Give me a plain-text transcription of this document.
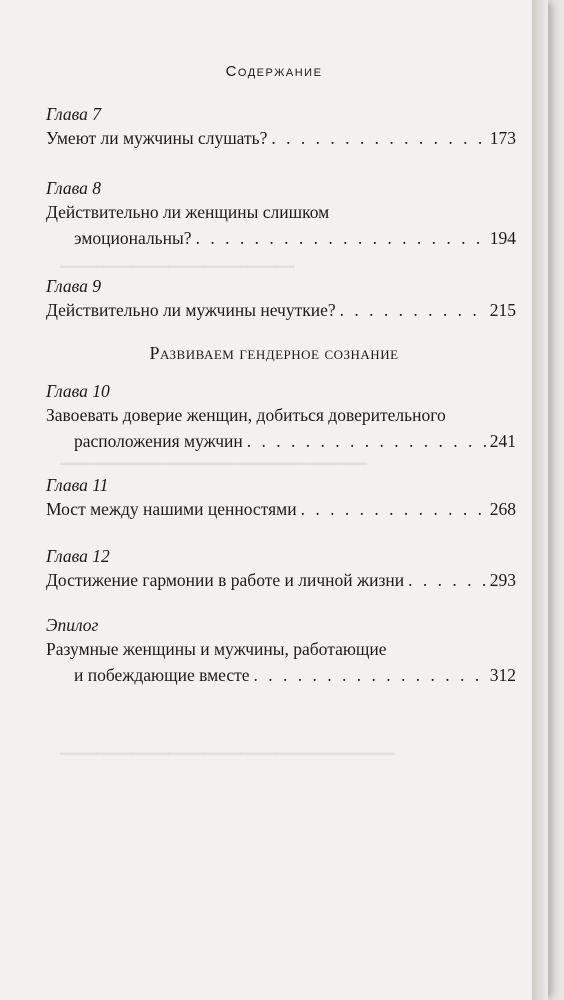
━━━━━━━━━━━━━━━━━━━━━━━━━━
━━━━━━━━━━━━━━━━━━━━━━━━━━━━━━━━━━
━━━━━━━━━━━━━━━━━━━━━━━━━━━━━━━━━━━━━
Содержание
Глава 7
Умеют ли мужчины слушать? . . .	173
Глава 8
Действительно ли женщины слишком
эмоциональны? . . .	194
Глава 9
Действительно ли мужчины нечуткие? . . .	215
Развиваем гендерное сознание
Глава 10
Завоевать доверие женщин, добиться доверительного
расположения мужчин . . .	241
Глава 11
Мост между нашими ценностями . . .	268
Глава 12
Достижение гармонии в работе и личной жизни . . .	293
Эпилог
Разумные женщины и мужчины, работающие
и побеждающие вместе . . .	312
